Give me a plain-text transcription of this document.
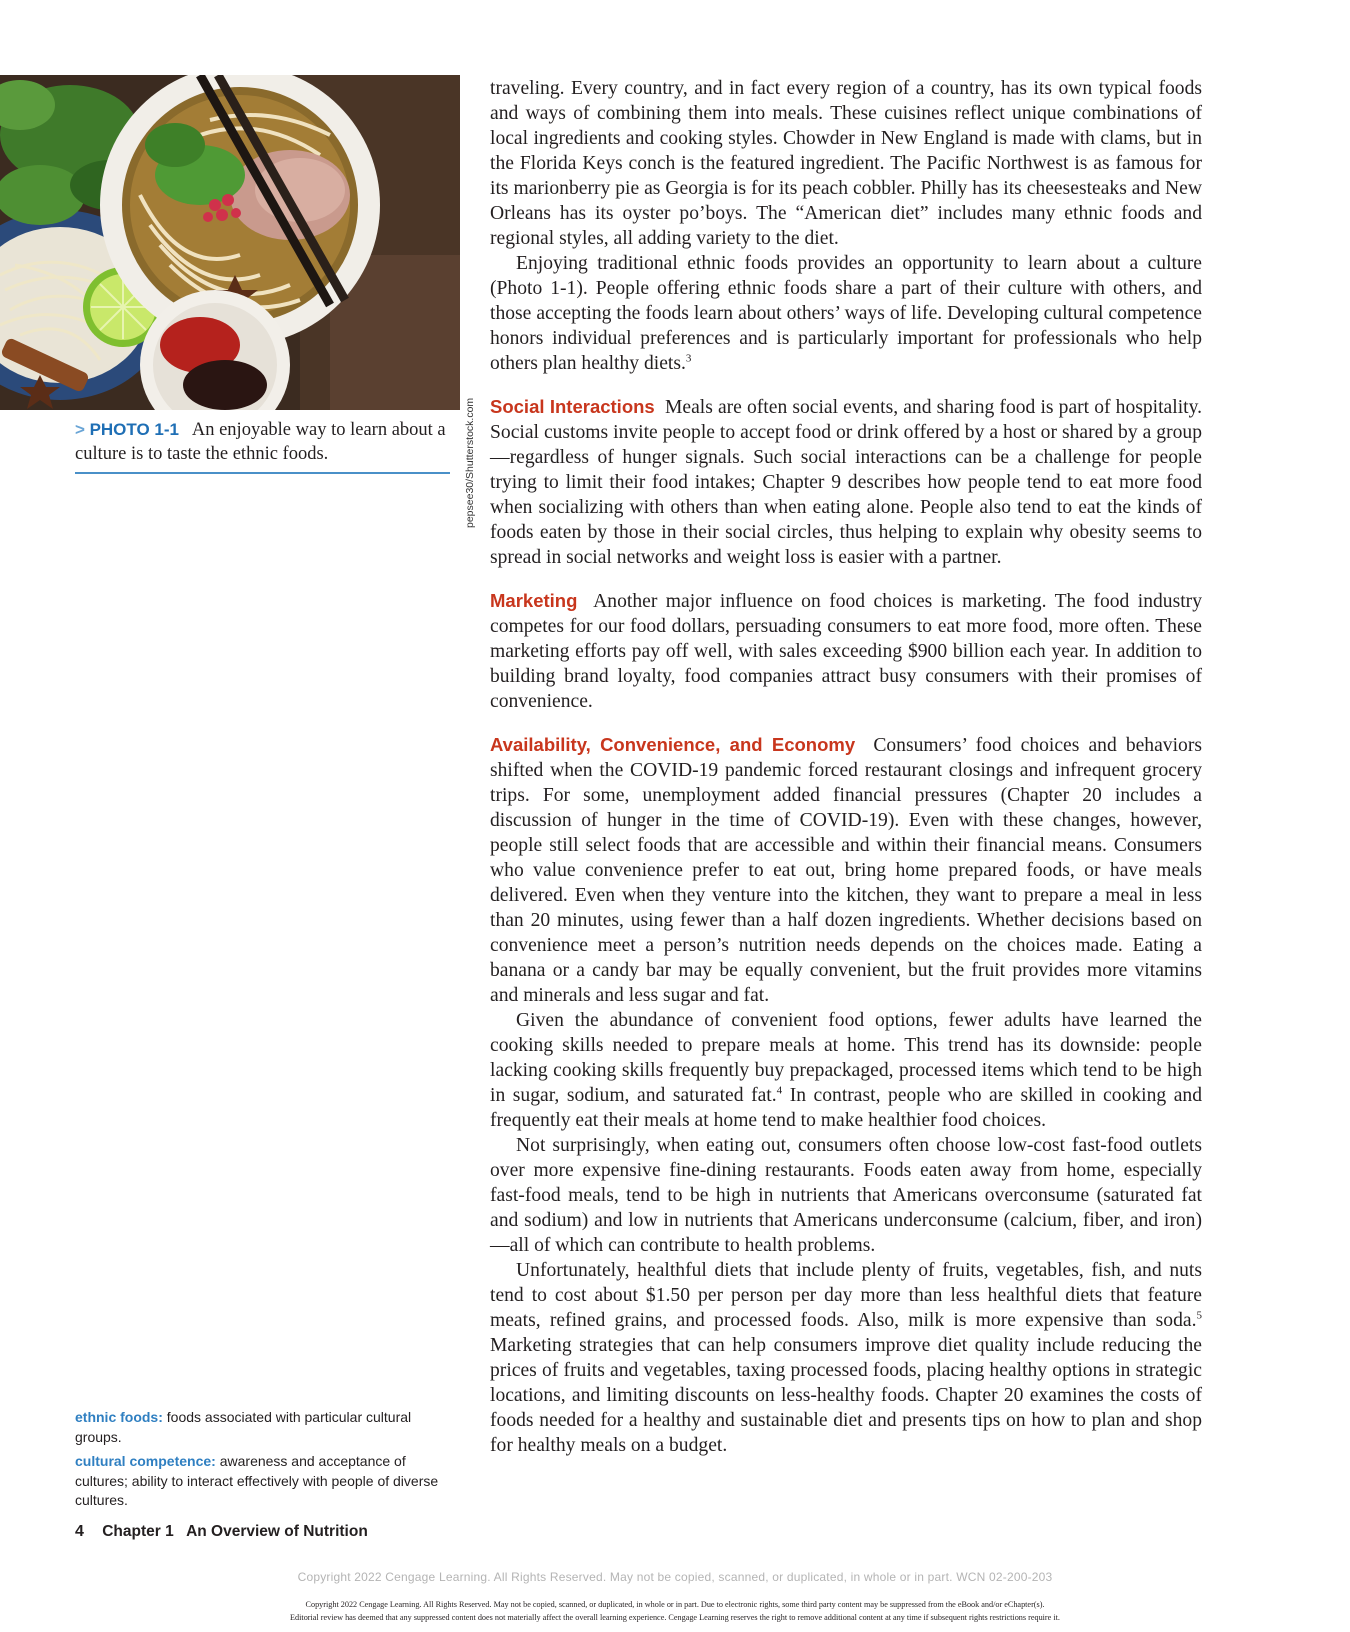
pepsee30/Shutterstock.com
> PHOTO 1-1 An enjoyable way to learn about a culture is to taste the ethnic foods.

traveling. Every country, and in fact every region of a country, has its own typical foods and ways of combining them into meals. These cuisines reflect unique combinations of local ingredients and cooking styles. Chowder in New England is made with clams, but in the Florida Keys conch is the featured ingredient. The Pacific Northwest is as famous for its marionberry pie as Georgia is for its peach cobbler. Philly has its cheesesteaks and New Orleans has its oyster po’boys. The “American diet” includes many ethnic foods and regional styles, all adding variety to the diet.

Enjoying traditional ethnic foods provides an opportunity to learn about a culture (Photo 1-1). People offering ethnic foods share a part of their culture with others, and those accepting the foods learn about others’ ways of life. Developing cultural competence honors individual preferences and is particularly important for professionals who help others plan healthy diets.$^3$

Social Interactions Meals are often social events, and sharing food is part of hospitality. Social customs invite people to accept food or drink offered by a host or shared by a group—regardless of hunger signals. Such social interactions can be a challenge for people trying to limit their food intakes; Chapter 9 describes how people tend to eat more food when socializing with others than when eating alone. People also tend to eat the kinds of foods eaten by those in their social circles, thus helping to explain why obesity seems to spread in social networks and weight loss is easier with a partner.

Marketing Another major influence on food choices is marketing. The food industry competes for our food dollars, persuading consumers to eat more food, more often. These marketing efforts pay off well, with sales exceeding $900 billion each year. In addition to building brand loyalty, food companies attract busy consumers with their promises of convenience.

Availability, Convenience, and Economy Consumers’ food choices and behaviors shifted when the COVID-19 pandemic forced restaurant closings and infrequent grocery trips. For some, unemployment added financial pressures (Chapter 20 includes a discussion of hunger in the time of COVID-19). Even with these changes, however, people still select foods that are accessible and within their financial means. Consumers who value convenience prefer to eat out, bring home prepared foods, or have meals delivered. Even when they venture into the kitchen, they want to prepare a meal in less than 20 minutes, using fewer than a half dozen ingredients. Whether decisions based on convenience meet a person’s nutrition needs depends on the choices made. Eating a banana or a candy bar may be equally convenient, but the fruit provides more vitamins and minerals and less sugar and fat.

Given the abundance of convenient food options, fewer adults have learned the cooking skills needed to prepare meals at home. This trend has its downside: people lacking cooking skills frequently buy prepackaged, processed items which tend to be high in sugar, sodium, and saturated fat.$^4$ In contrast, people who are skilled in cooking and frequently eat their meals at home tend to make healthier food choices.

Not surprisingly, when eating out, consumers often choose low-cost fast-food outlets over more expensive fine-dining restaurants. Foods eaten away from home, especially fast-food meals, tend to be high in nutrients that Americans overconsume (saturated fat and sodium) and low in nutrients that Americans underconsume (calcium, fiber, and iron)—all of which can contribute to health problems.

Unfortunately, healthful diets that include plenty of fruits, vegetables, fish, and nuts tend to cost about $1.50 per person per day more than less healthful diets that feature meats, refined grains, and processed foods. Also, milk is more expensive than soda.$^5$ Marketing strategies that can help consumers improve diet quality include reducing the prices of fruits and vegetables, taxing processed foods, placing healthy options in strategic locations, and limiting discounts on less-healthy foods. Chapter 20 examines the costs of foods needed for a healthy and sustainable diet and presents tips on how to plan and shop for healthy meals on a budget.

ethnic foods: foods associated with particular cultural groups.

cultural competence: awareness and acceptance of cultures; ability to interact effectively with people of diverse cultures.

4 Chapter 1 An Overview of Nutrition
Copyright 2022 Cengage Learning. All Rights Reserved. May not be copied, scanned, or duplicated, in whole or in part. WCN 02-200-203
Copyright 2022 Cengage Learning. All Rights Reserved. May not be copied, scanned, or duplicated, in whole or in part. Due to electronic rights, some third party content may be suppressed from the eBook and/or eChapter(s).
Editorial review has deemed that any suppressed content does not materially affect the overall learning experience. Cengage Learning reserves the right to remove additional content at any time if subsequent rights restrictions require it.
